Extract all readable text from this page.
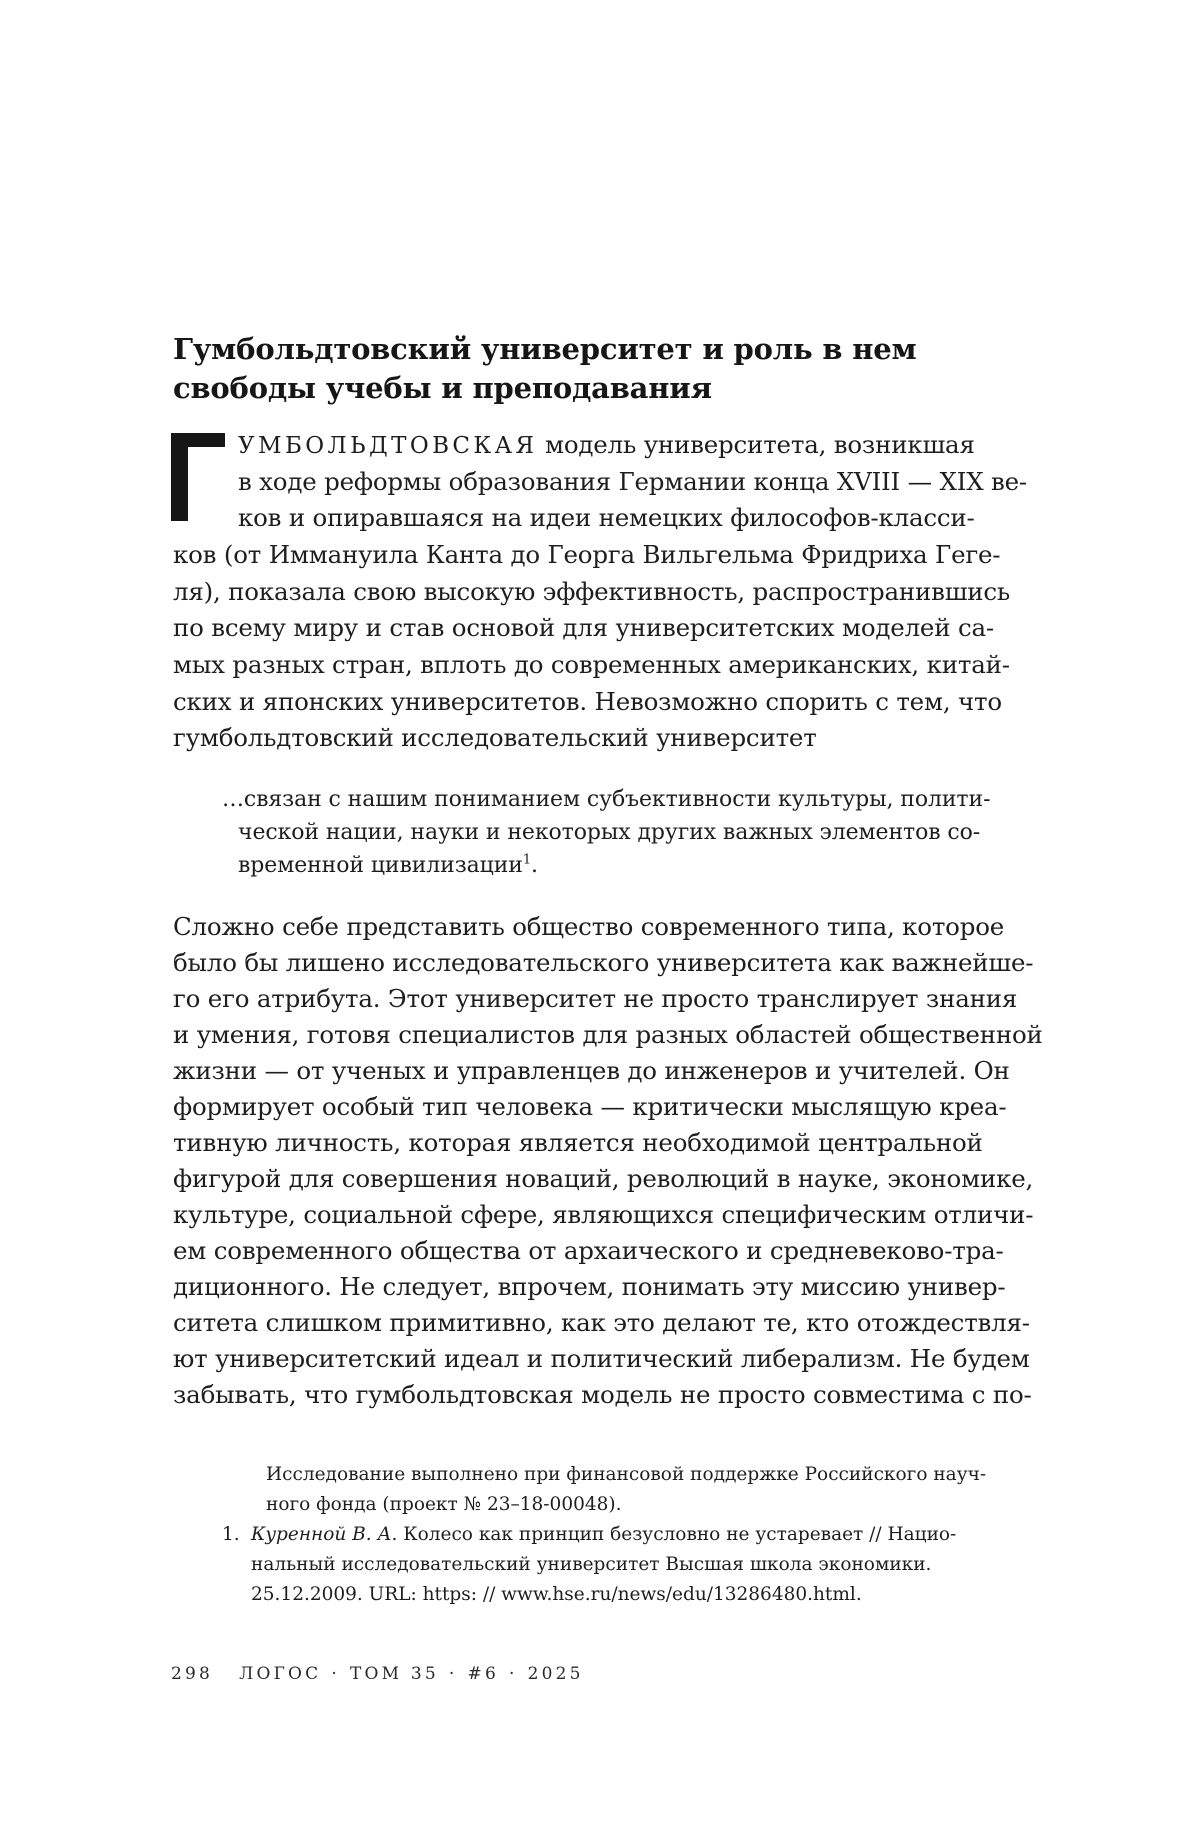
Гумбольдтовский университет и роль в нем
свободы учебы и преподавания
УМБОЛЬДТОВСКАЯ модель университета, возникшая
в ходе реформы образования Германии конца XVIII — XIX ве-
ков и опиравшаяся на идеи немецких философов-класси-
ков (от Иммануила Канта до Георга Вильгельма Фридриха Геге-
ля), показала свою высокую эффективность, распространившись
по всему миру и став основой для университетских моделей са-
мых разных стран, вплоть до современных американских, китай-
ских и японских университетов. Невозможно спорить с тем, что
гумбольдтовский исследовательский университет
…связан с нашим пониманием субъективности культуры, полити-
ческой нации, науки и некоторых других важных элементов со-
временной цивилизации$^1$.
Сложно себе представить общество современного типа, которое
было бы лишено исследовательского университета как важнейше-
го его атрибута. Этот университет не просто транслирует знания
и умения, готовя специалистов для разных областей общественной
жизни — от ученых и управленцев до инженеров и учителей. Он
формирует особый тип человека — критически мыслящую креа-
тивную личность, которая является необходимой центральной
фигурой для совершения новаций, революций в науке, экономике,
культуре, социальной сфере, являющихся специфическим отличи-
ем современного общества от архаического и средневеково-тра-
диционного. Не следует, впрочем, понимать эту миссию универ-
ситета слишком примитивно, как это делают те, кто отождествля-
ют университетский идеал и политический либерализм. Не будем
забывать, что гумбольдтовская модель не просто совместима с по-
Исследование выполнено при финансовой поддержке Российского науч-
ного фонда (проект № 23–18-00048).
1. Куренной В. А. Колесо как принцип безусловно не устаревает // Нацио-
нальный исследовательский университет Высшая школа экономики.
25.12.2009. URL: https: // www.hse.ru/news/edu/13286480.html.
298 ЛОГОС · ТОМ 35 · #6 · 2025
